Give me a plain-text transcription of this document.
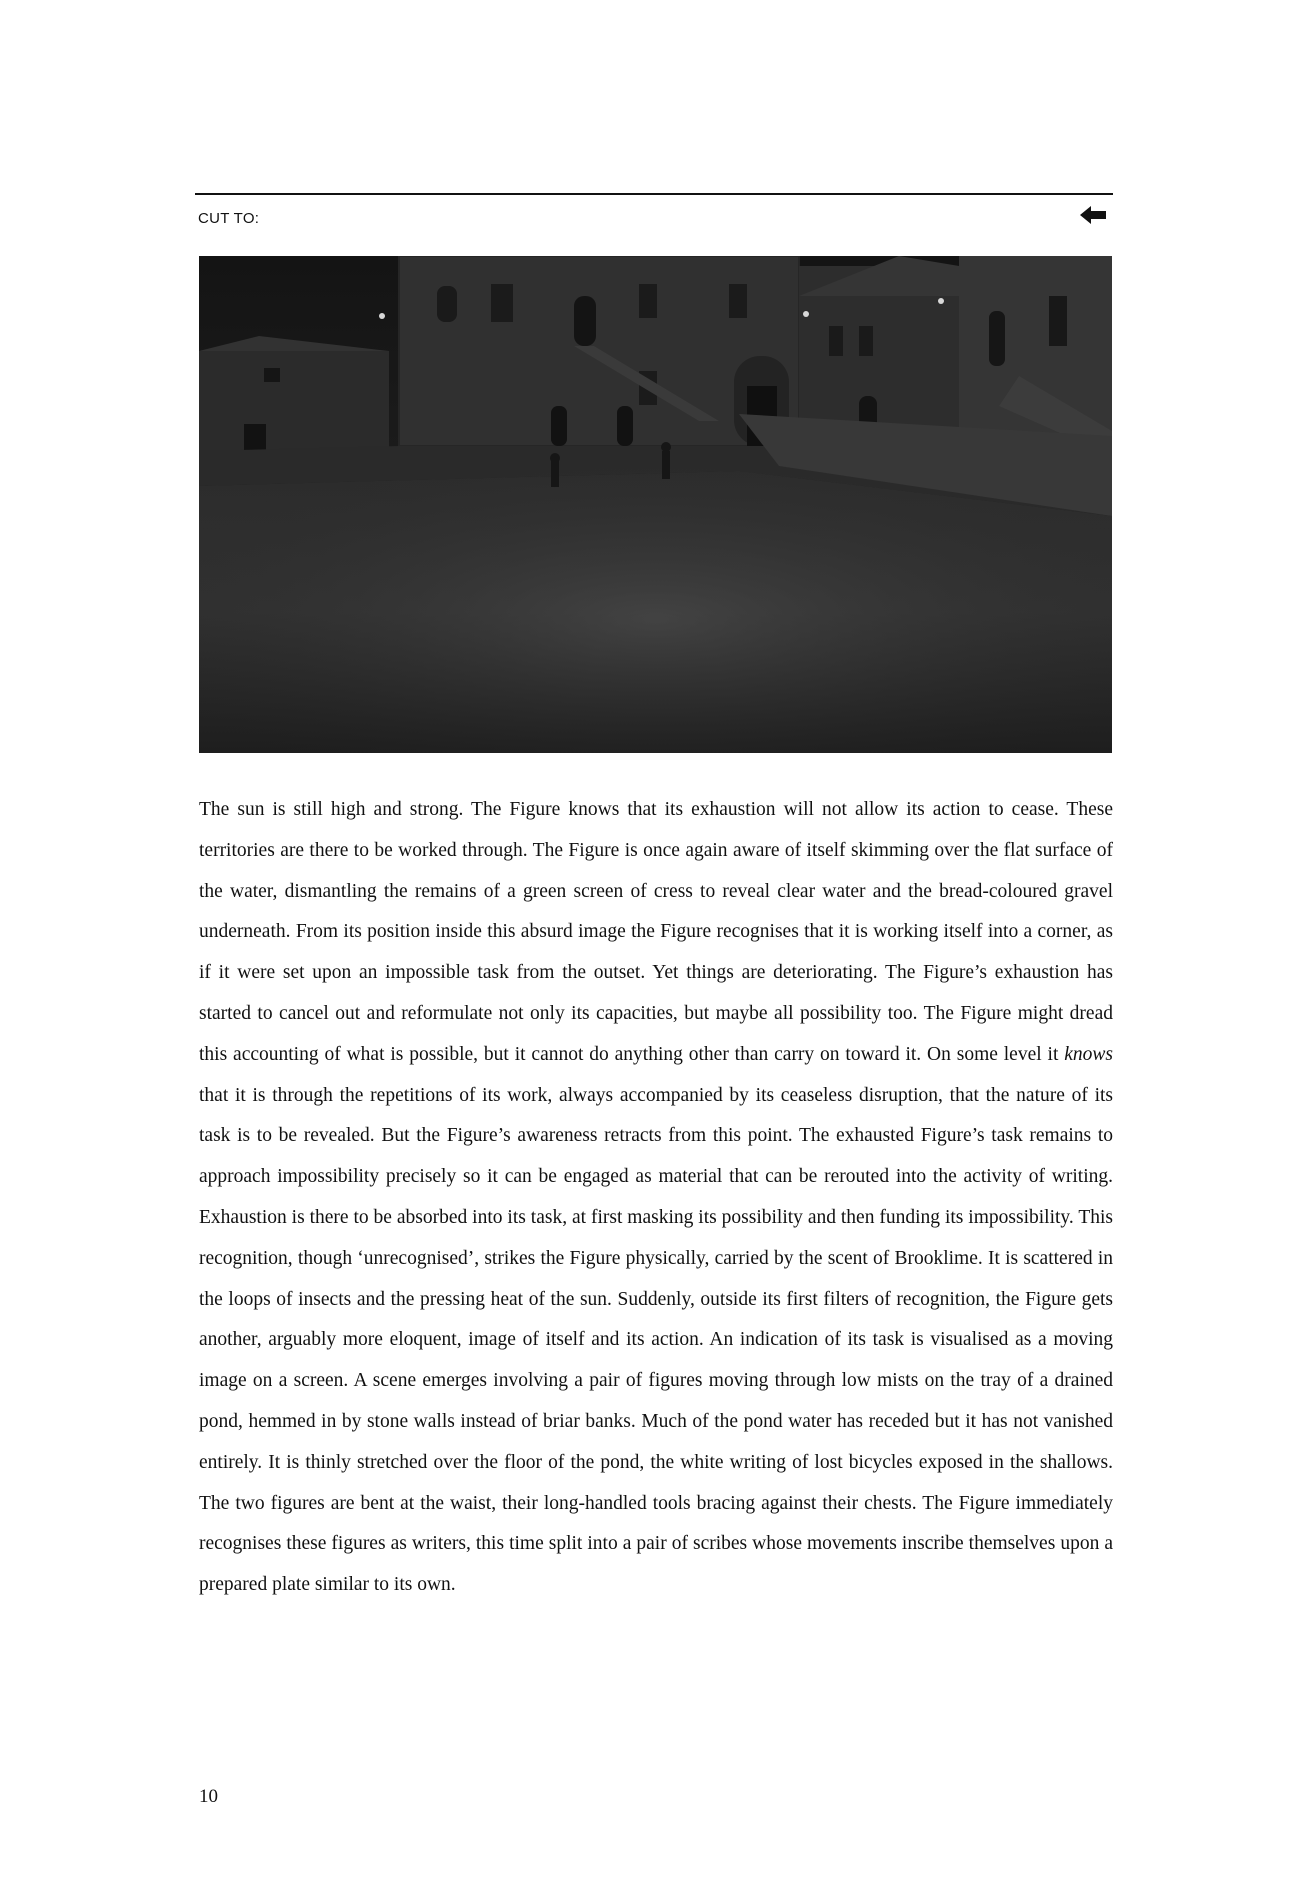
CUT TO:

The sun is still high and strong. The Figure knows that its exhaustion will not allow its action to cease. These territories are there to be worked through. The Figure is once again aware of itself skimming over the flat surface of the water, dismantling the remains of a green screen of cress to reveal clear water and the bread-coloured gravel underneath. From its position inside this absurd image the Figure recognises that it is working itself into a corner, as if it were set upon an impossible task from the outset. Yet things are deteriorating. The Figure’s exhaustion has started to cancel out and reformulate not only its capacities, but maybe all possibility too. The Figure might dread this accounting of what is possible, but it cannot do anything other than carry on toward it. On some level it knows that it is through the repetitions of its work, always accompanied by its ceaseless disruption, that the nature of its task is to be revealed. But the Figure’s awareness retracts from this point. The exhausted Figure’s task remains to approach impossibility precisely so it can be engaged as material that can be rerouted into the activity of writing. Exhaustion is there to be absorbed into its task, at first masking its possibility and then funding its impossibility. This recognition, though ‘unrecognised’, strikes the Figure physically, carried by the scent of Brooklime. It is scattered in the loops of insects and the pressing heat of the sun. Suddenly, outside its first filters of recognition, the Figure gets another, arguably more eloquent, image of itself and its action. An indication of its task is visualised as a moving image on a screen. A scene emerges involving a pair of figures moving through low mists on the tray of a drained pond, hemmed in by stone walls instead of briar banks. Much of the pond water has receded but it has not vanished entirely. It is thinly stretched over the floor of the pond, the white writing of lost bicycles exposed in the shallows. The two figures are bent at the waist, their long-handled tools bracing against their chests. The Figure immediately recognises these figures as writers, this time split into a pair of scribes whose movements inscribe themselves upon a prepared plate similar to its own.

10
